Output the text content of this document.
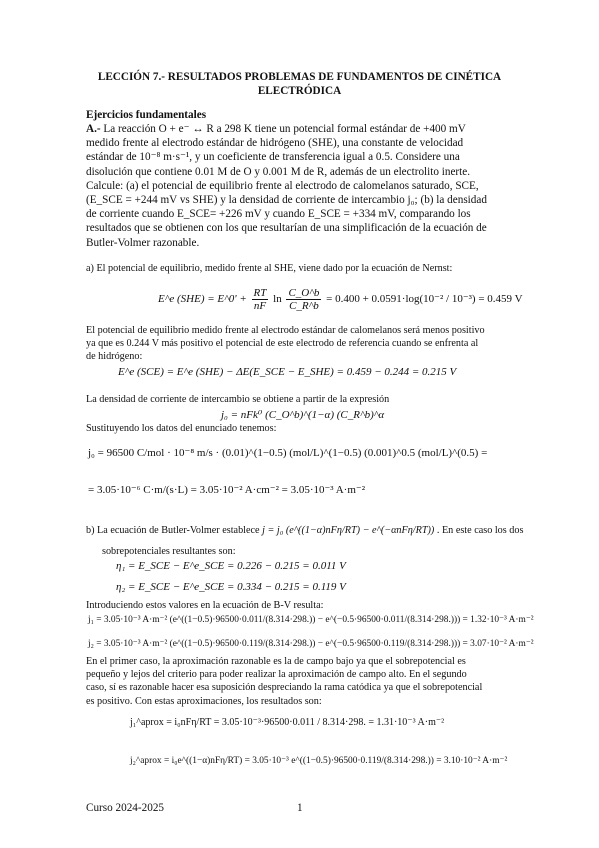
LECCIÓN 7.- RESULTADOS PROBLEMAS DE FUNDAMENTOS DE CINÉTICA
ELECTRÓDICA
Ejercicios fundamentales
A.- La reacción O + e⁻ ↔ R a 298 K tiene un potencial formal estándar de +400 mV
medido frente al electrodo estándar de hidrógeno (SHE), una constante de velocidad
estándar de 10⁻⁸ m·s⁻¹, y un coeficiente de transferencia igual a 0.5. Considere una
disolución que contiene 0.01 M de O y 0.001 M de R, además de un electrolito inerte.
Calcule: (a) el potencial de equilibrio frente al electrodo de calomelanos saturado, SCE,
(E_SCE = +244 mV vs SHE) y la densidad de corriente de intercambio j₀; (b) la densidad
de corriente cuando E_SCE= +226 mV y cuando E_SCE = +334 mV, comparando los
resultados que se obtienen con los que resultarían de una simplificación de la ecuación de
Butler-Volmer razonable.
a) El potencial de equilibrio, medido frente al SHE, viene dado por la ecuación de Nernst:
E^e (SHE) = E^0' + $\frac{RT}{nF}$ $\ln \frac{C\_O\^{}b}{C\_R\^{}b} = 0.400 + 0.0591\cdot\log(10^{-2} / 10^{-3}) = 0.459$ V
El potencial de equilibrio medido frente al electrodo estándar de calomelanos será menos positivo
ya que es 0.244 V más positivo el potencial de este electrodo de referencia cuando se enfrenta al
de hidrógeno:
E^e (SCE) = E^e (SHE) − ΔE(E_SCE − E_SHE) = 0.459 − 0.244 = 0.215 V
La densidad de corriente de intercambio se obtiene a partir de la expresión
j₀ = nFk⁰ (C_O^b)^(1−α) (C_R^b)^α
Sustituyendo los datos del enunciado tenemos:
j₀ = 96500 C/mol · 10⁻⁸ m/s · (0.01)^(1−0.5) (mol/L)^(1−0.5) (0.001)^0.5 (mol/L)^(0.5) =
= 3.05·10⁻⁶ C·m/(s·L) = 3.05·10⁻² A·cm⁻² = 3.05·10⁻³ A·m⁻²
b) La ecuación de Butler-Volmer establece j = j₀ (e^((1−α)nFη/RT) − e^(−αnFη/RT)) . En este caso los dos
sobrepotenciales resultantes son:
η₁ = E_SCE − E^e_SCE = 0.226 − 0.215 = 0.011 V
η₂ = E_SCE − E^e_SCE = 0.334 − 0.215 = 0.119 V
Introduciendo estos valores en la ecuación de B-V resulta:
j₁ = 3.05·10⁻³ A·m⁻² (e^((1−0.5)·96500·0.011/(8.314·298.)) − e^(−0.5·96500·0.011/(8.314·298.))) = 1.32·10⁻³ A·m⁻²
j₂ = 3.05·10⁻³ A·m⁻² (e^((1−0.5)·96500·0.119/(8.314·298.)) − e^(−0.5·96500·0.119/(8.314·298.))) = 3.07·10⁻² A·m⁻²
En el primer caso, la aproximación razonable es la de campo bajo ya que el sobrepotencial es
pequeño y lejos del criterio para poder realizar la aproximación de campo alto. En el segundo
caso, sí es razonable hacer esa suposición despreciando la rama catódica ya que el sobrepotencial
es positivo. Con estas aproximaciones, los resultados son:
j₁^aprox = i₀nFη/RT = 3.05·10⁻³·96500·0.011 / 8.314·298. = 1.31·10⁻³ A·m⁻²
j₂^aprox = i₀e^((1−α)nFη/RT) = 3.05·10⁻³ e^((1−0.5)·96500·0.119/(8.314·298.)) = 3.10·10⁻² A·m⁻²
Curso 2024-2025	1
